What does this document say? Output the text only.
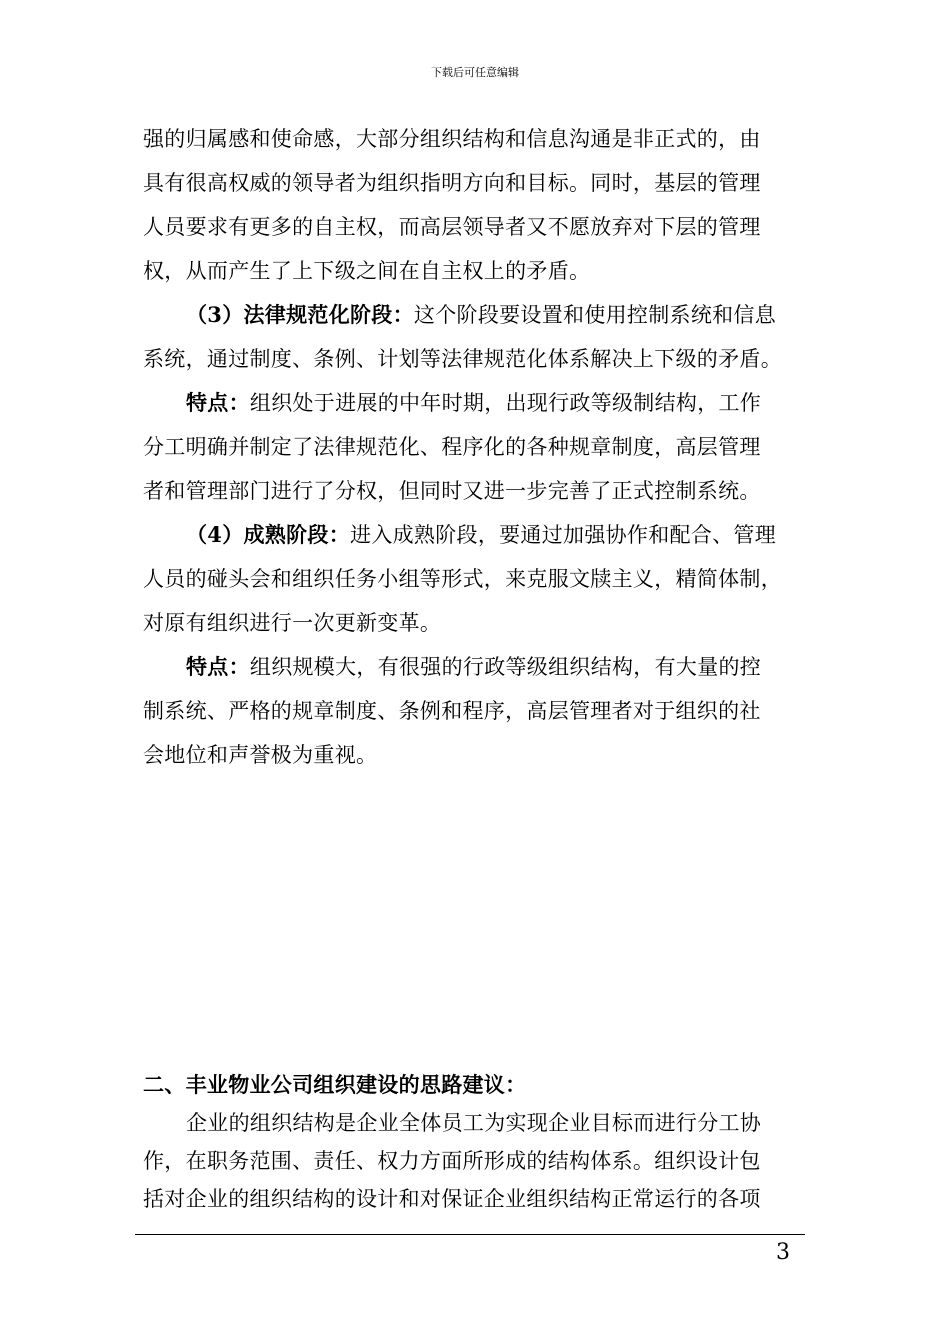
下载后可任意编辑
强的归属感和使命感，大部分组织结构和信息沟通是非正式的，由
具有很高权威的领导者为组织指明方向和目标。同时，基层的管理
人员要求有更多的自主权，而高层领导者又不愿放弃对下层的管理
权，从而产生了上下级之间在自主权上的矛盾。
（3）法律规范化阶段：这个阶段要设置和使用控制系统和信息
系统，通过制度、条例、计划等法律规范化体系解决上下级的矛盾。
特点：组织处于进展的中年时期，出现行政等级制结构，工作
分工明确并制定了法律规范化、程序化的各种规章制度，高层管理
者和管理部门进行了分权，但同时又进一步完善了正式控制系统。
（4）成熟阶段：进入成熟阶段，要通过加强协作和配合、管理
人员的碰头会和组织任务小组等形式，来克服文牍主义，精简体制，
对原有组织进行一次更新变革。
特点：组织规模大，有很强的行政等级组织结构，有大量的控
制系统、严格的规章制度、条例和程序，高层管理者对于组织的社
会地位和声誉极为重视。
二、丰业物业公司组织建设的思路建议：
企业的组织结构是企业全体员工为实现企业目标而进行分工协
作，在职务范围、责任、权力方面所形成的结构体系。组织设计包
括对企业的组织结构的设计和对保证企业组织结构正常运行的各项
3
